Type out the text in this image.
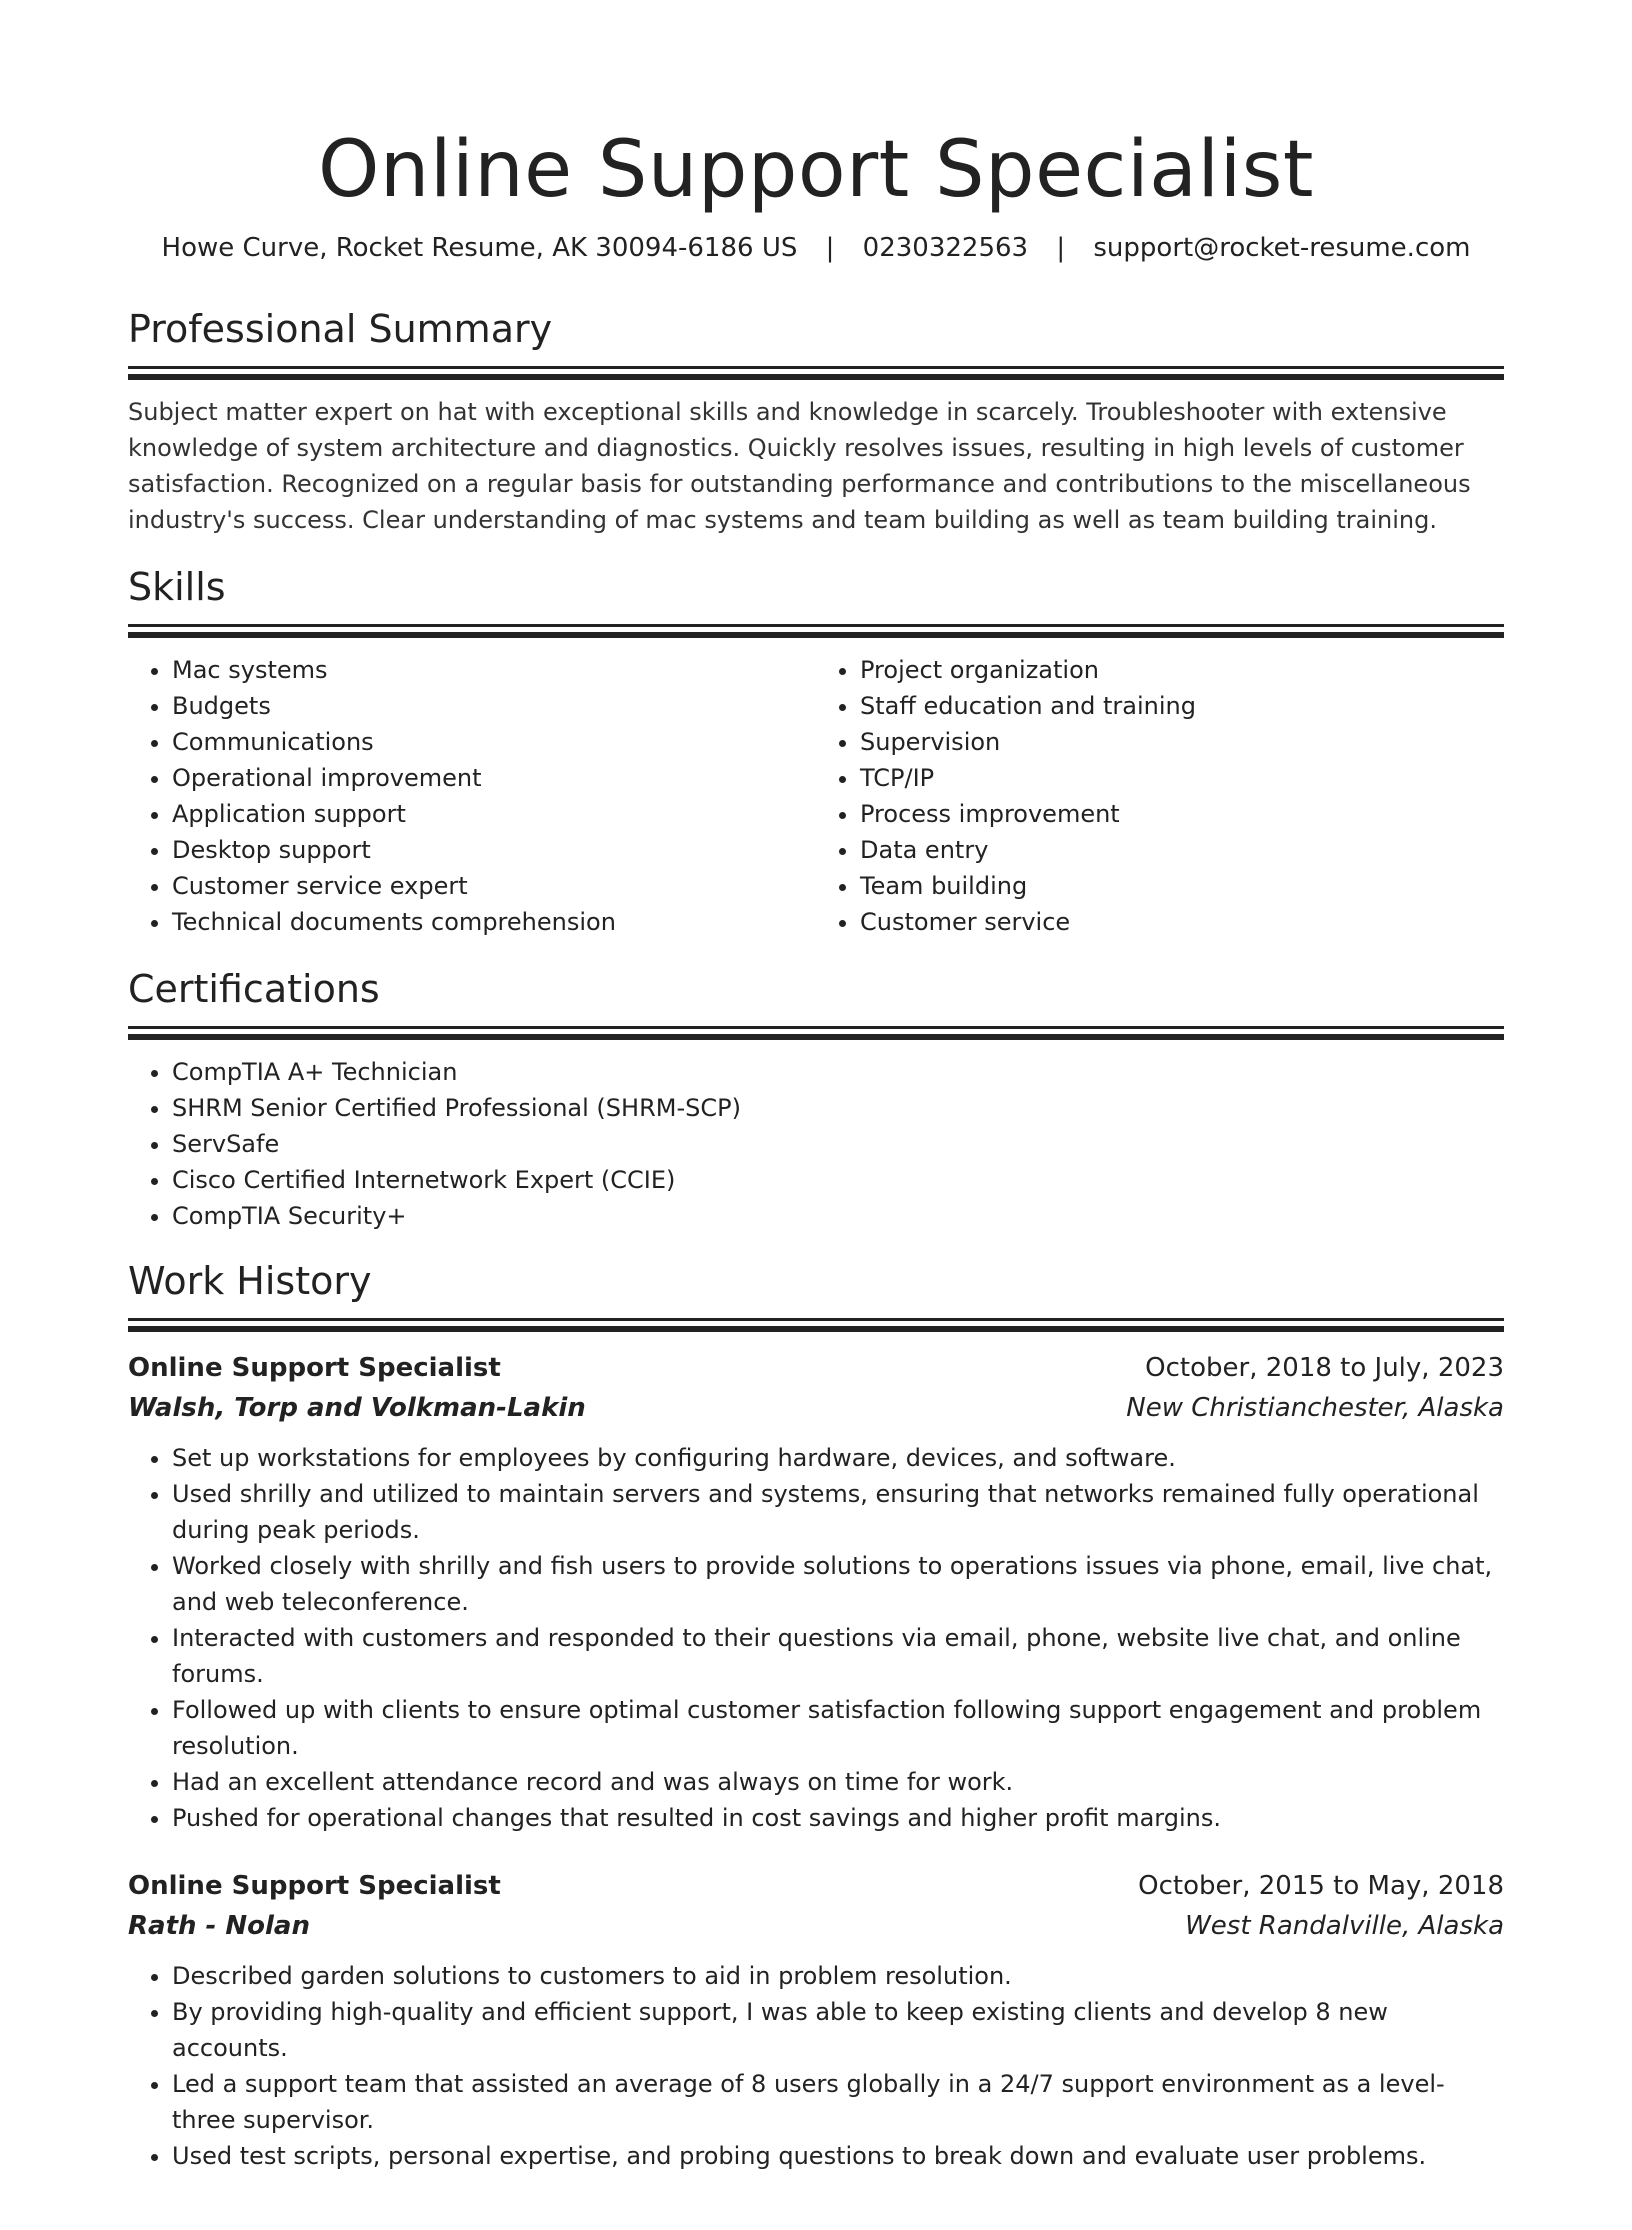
Online Support Specialist
Howe Curve, Rocket Resume, AK 30094-6186 US | 0230322563 | support@rocket-resume.com
Professional Summary

Subject matter expert on hat with exceptional skills and knowledge in scarcely. Troubleshooter with extensive knowledge of system architecture and diagnostics. Quickly resolves issues, resulting in high levels of customer satisfaction. Recognized on a regular basis for outstanding performance and contributions to the miscellaneous industry's success. Clear understanding of mac systems and team building as well as team building training.

Skills
• Mac systems
• Budgets
• Communications
• Operational improvement
• Application support
• Desktop support
• Customer service expert
• Technical documents comprehension
• Project organization
• Staff education and training
• Supervision
• TCP/IP
• Process improvement
• Data entry
• Team building
• Customer service
Certifications
• CompTIA A+ Technician
• SHRM Senior Certified Professional (SHRM-SCP)
• ServSafe
• Cisco Certified Internetwork Expert (CCIE)
• CompTIA Security+
Work History
Online Support Specialist	October, 2018 to July, 2023
Walsh, Torp and Volkman-Lakin	New Christianchester, Alaska
• Set up workstations for employees by configuring hardware, devices, and software.
• Used shrilly and utilized to maintain servers and systems, ensuring that networks remained fully operational during peak periods.
• Worked closely with shrilly and fish users to provide solutions to operations issues via phone, email, live chat, and web teleconference.
• Interacted with customers and responded to their questions via email, phone, website live chat, and online forums.
• Followed up with clients to ensure optimal customer satisfaction following support engagement and problem resolution.
• Had an excellent attendance record and was always on time for work.
• Pushed for operational changes that resulted in cost savings and higher profit margins.
Online Support Specialist	October, 2015 to May, 2018
Rath - Nolan	West Randalville, Alaska
• Described garden solutions to customers to aid in problem resolution.
• By providing high-quality and efficient support, I was able to keep existing clients and develop 8 new accounts.
• Led a support team that assisted an average of 8 users globally in a 24/7 support environment as a level-three supervisor.
• Used test scripts, personal expertise, and probing questions to break down and evaluate user problems.
